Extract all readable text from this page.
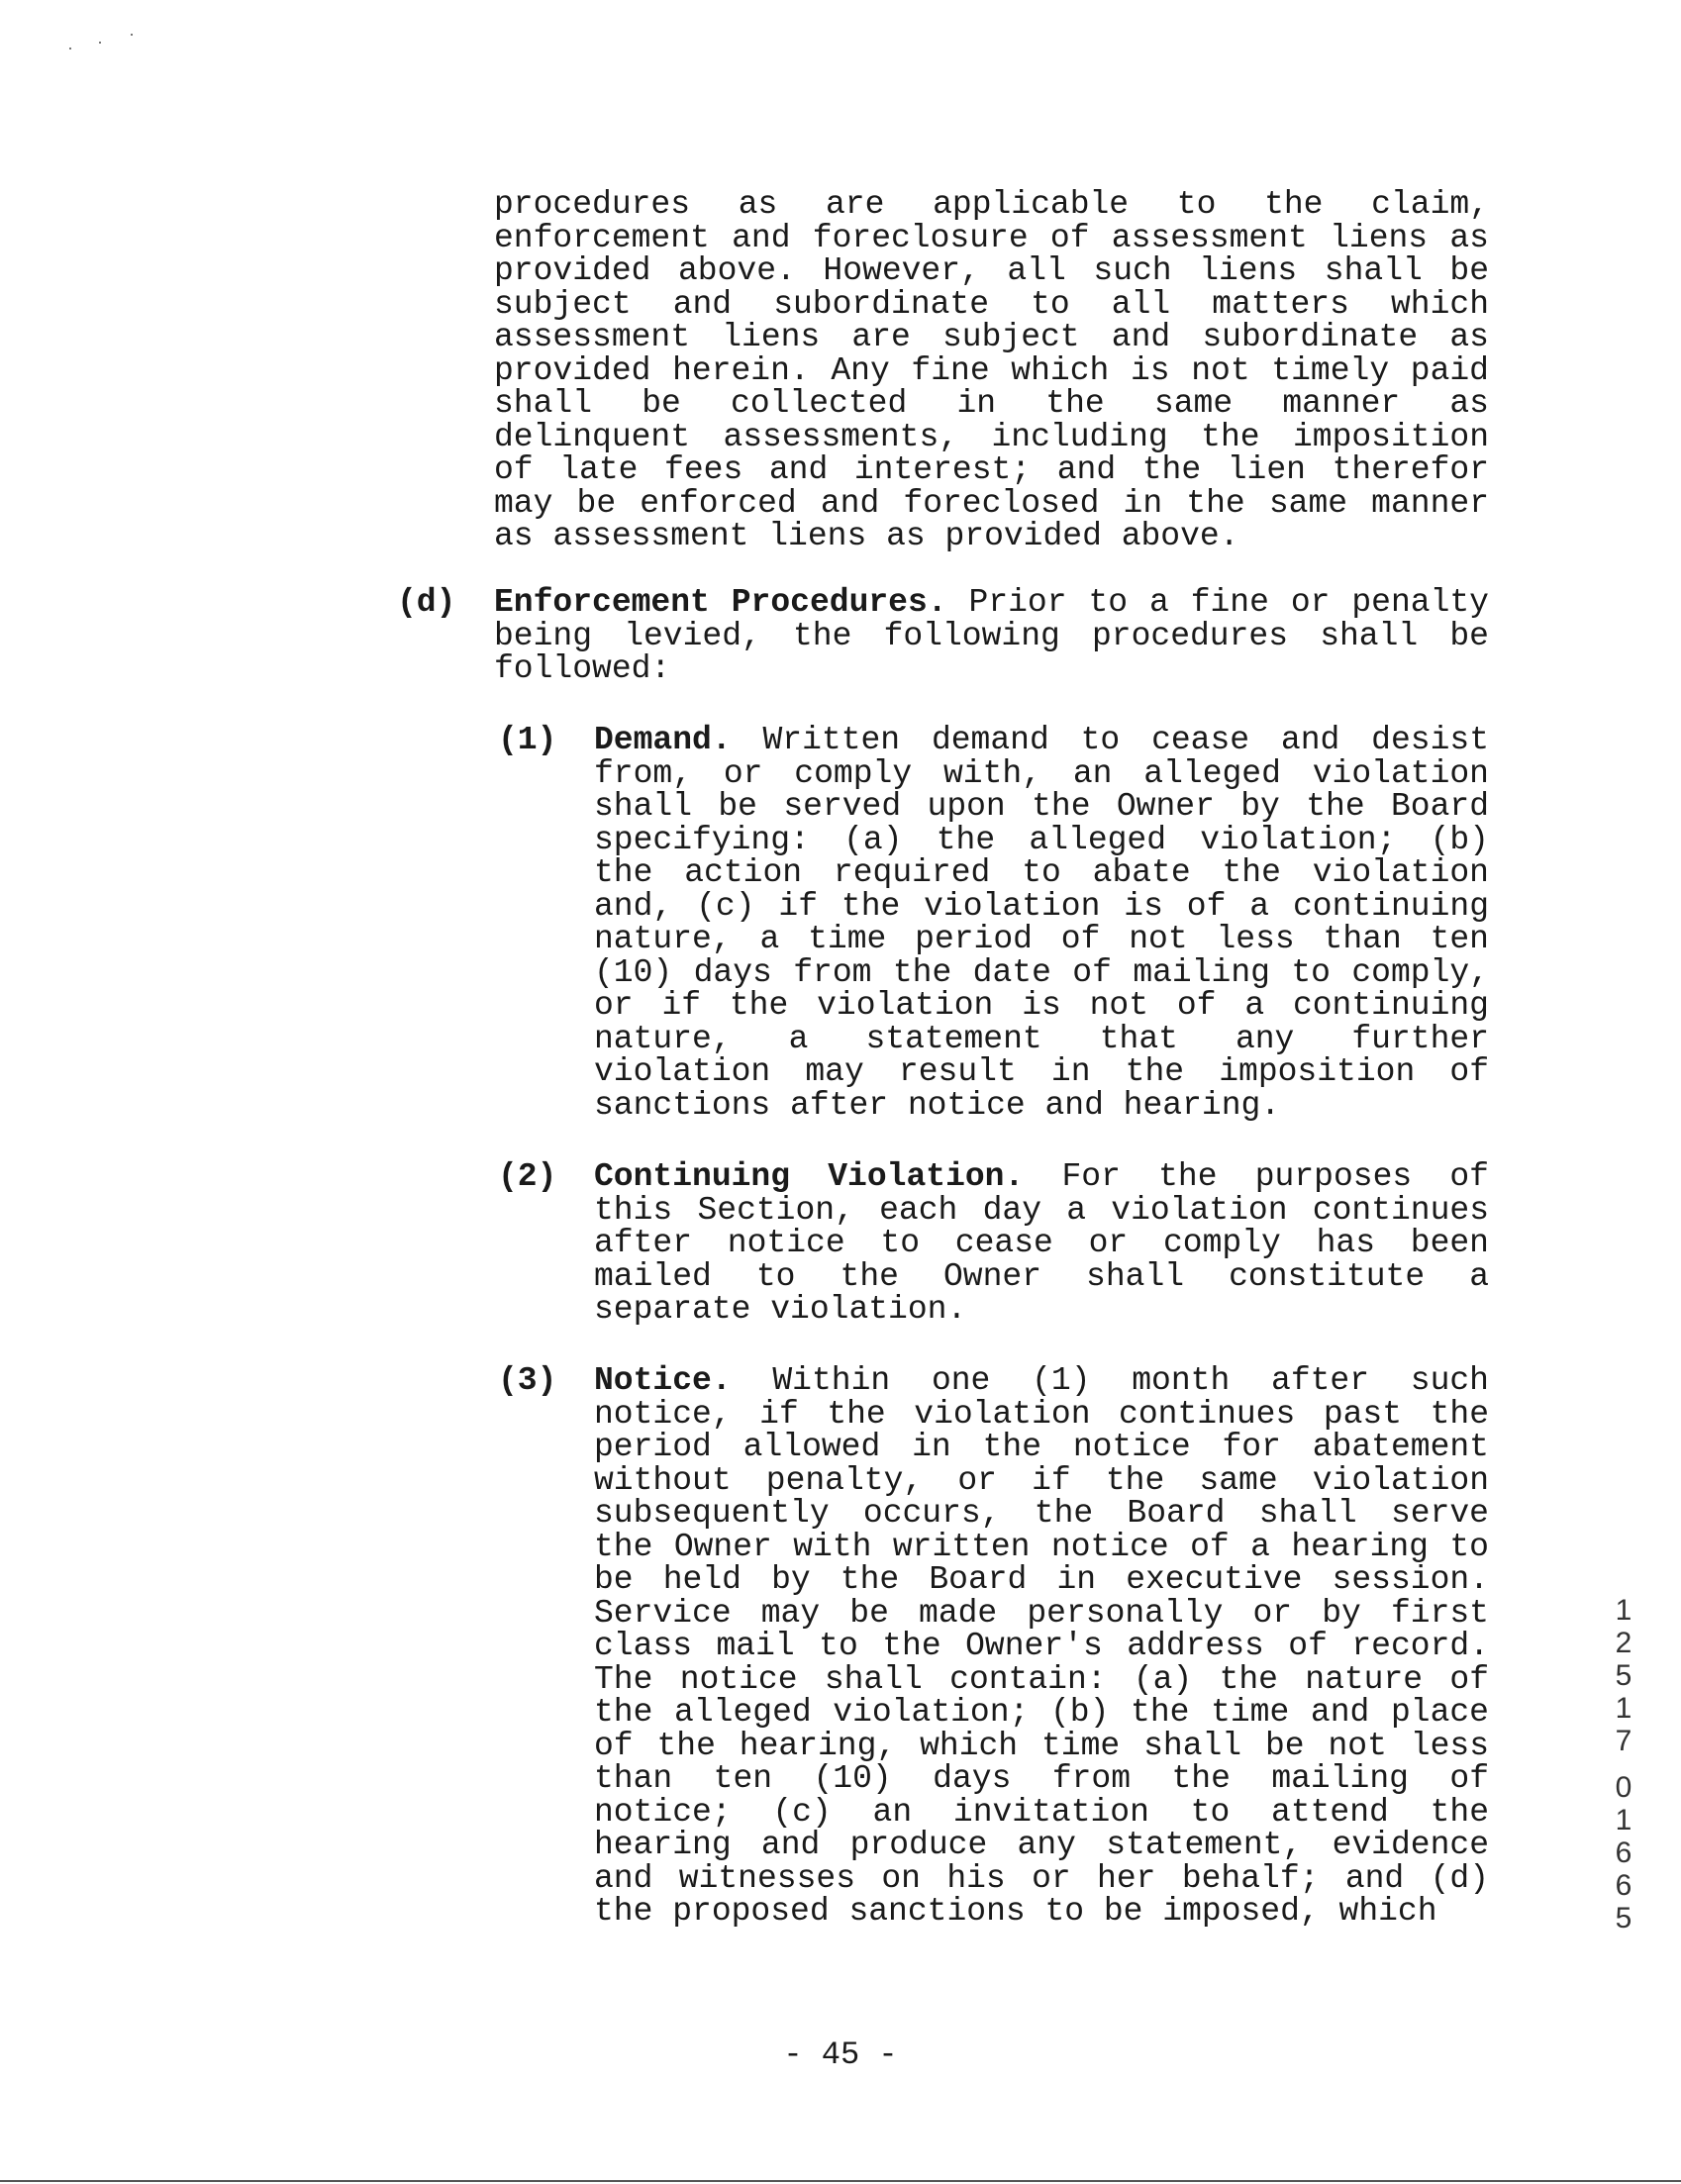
procedures as are applicable to the claim, enforcement and foreclosure of assessment liens as provided above. However, all such liens shall be subject and subordinate to all matters which assessment liens are subject and subordinate as provided herein. Any fine which is not timely paid shall be collected in the same manner as delinquent assessments, including the imposition of late fees and interest; and the lien therefor may be enforced and foreclosed in the same manner as assessment liens as provided above.

(d) Enforcement Procedures. Prior to a fine or penalty being levied, the following procedures shall be followed:

(1) Demand. Written demand to cease and desist from, or comply with, an alleged violation shall be served upon the Owner by the Board specifying: (a) the alleged violation; (b) the action required to abate the violation and, (c) if the violation is of a continuing nature, a time period of not less than ten (10) days from the date of mailing to comply, or if the violation is not of a continuing nature, a statement that any further violation may result in the imposition of sanctions after notice and hearing.

(2) Continuing Violation. For the purposes of this Section, each day a violation continues after notice to cease or comply has been mailed to the Owner shall constitute a separate violation.

(3) Notice. Within one (1) month after such notice, if the violation continues past the period allowed in the notice for abatement without penalty, or if the same violation subsequently occurs, the Board shall serve the Owner with written notice of a hearing to be held by the Board in executive session. Service may be made personally or by first class mail to the Owner's address of record. The notice shall contain: (a) the nature of the alleged violation; (b) the time and place of the hearing, which time shall be not less than ten (10) days from the mailing of notice; (c) an invitation to attend the hearing and produce any statement, evidence and witnesses on his or her behalf; and (d) the proposed sanctions to be imposed, which

1
2
5
1
7
0
1
6
6
5
- 45 -
